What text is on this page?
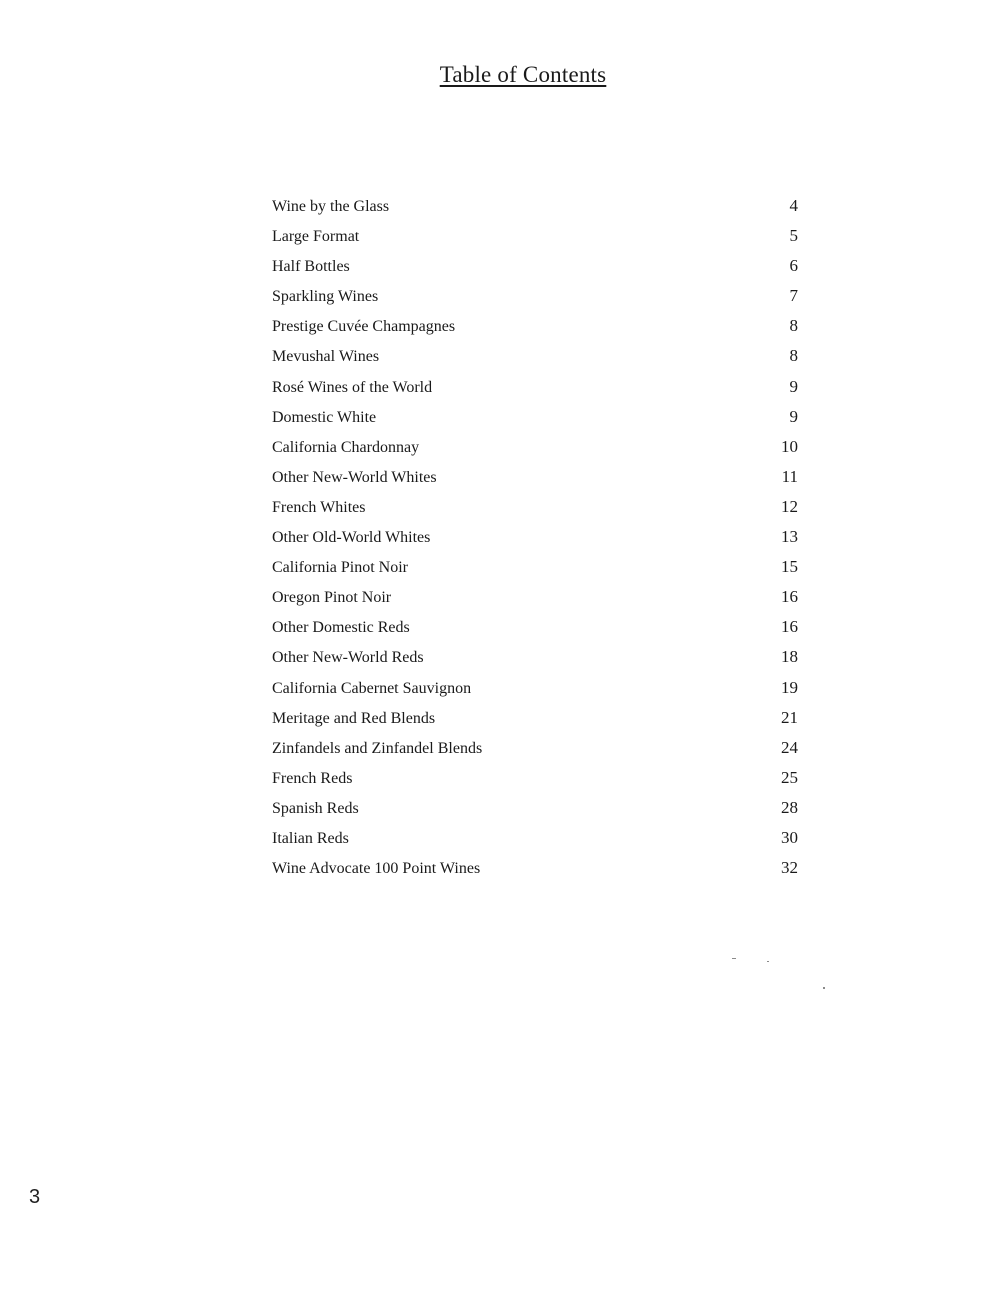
Table of Contents
Wine by the Glass	4
Large Format	5
Half Bottles	6
Sparkling Wines	7
Prestige Cuvée Champagnes	8
Mevushal Wines	8
Rosé Wines of the World	9
Domestic White	9
California Chardonnay	10
Other New-World Whites	11
French Whites	12
Other Old-World Whites	13
California Pinot Noir	15
Oregon Pinot Noir	16
Other Domestic Reds	16
Other New-World Reds	18
California Cabernet Sauvignon	19
Meritage and Red Blends	21
Zinfandels and Zinfandel Blends	24
French Reds	25
Spanish Reds	28
Italian Reds	30
Wine Advocate 100 Point Wines	32
3
